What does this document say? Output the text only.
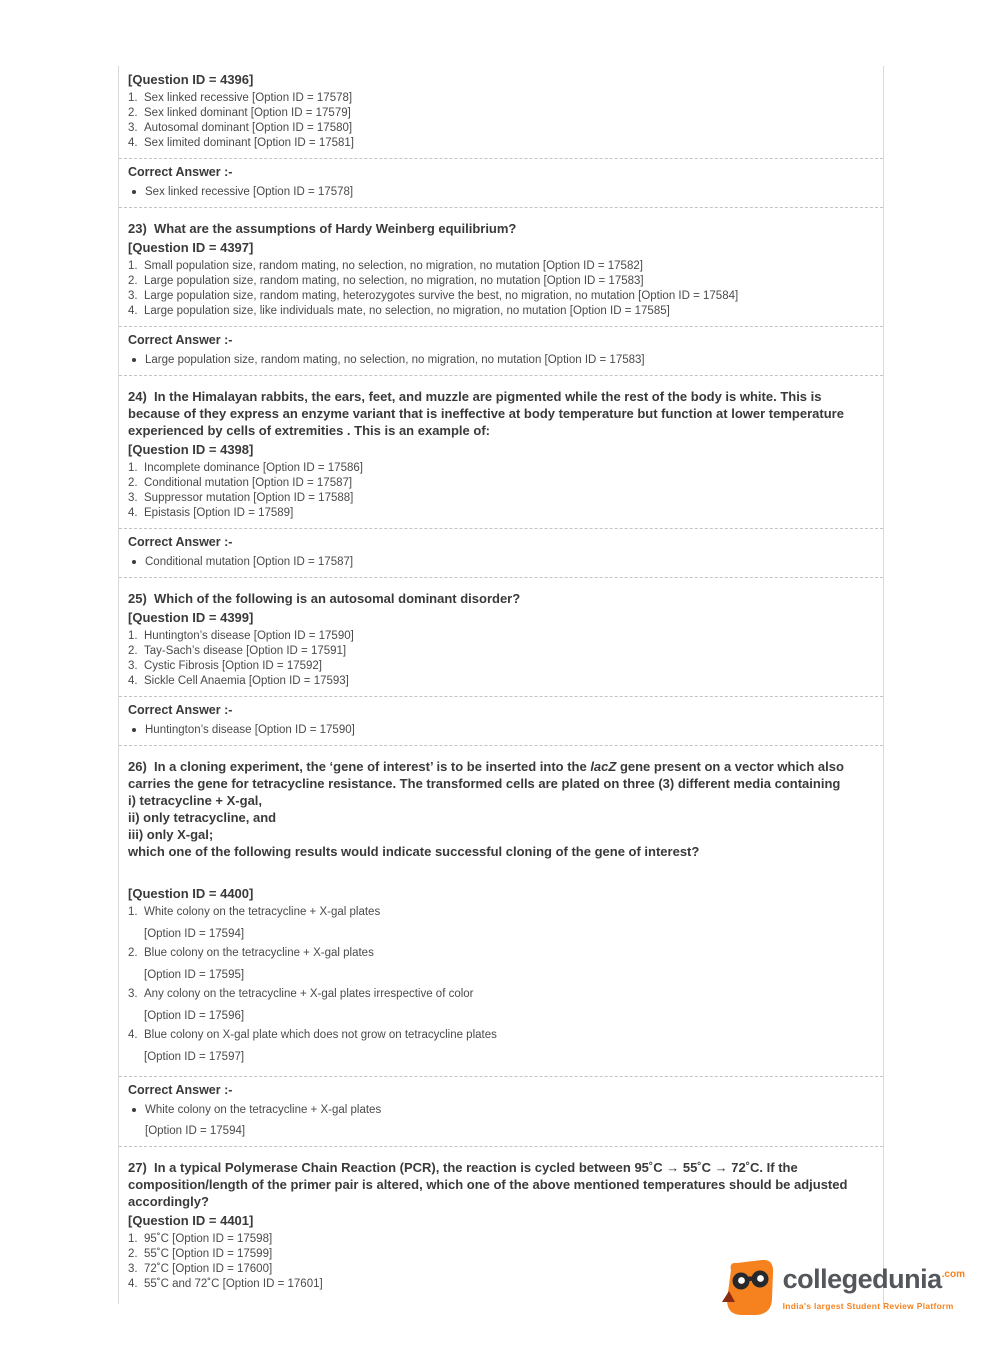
[Question ID = 4396]
1. Sex linked recessive [Option ID = 17578]
2. Sex linked dominant [Option ID = 17579]
3. Autosomal dominant [Option ID = 17580]
4. Sex limited dominant [Option ID = 17581]
Correct Answer :-
Sex linked recessive [Option ID = 17578]
23)  What are the assumptions of Hardy Weinberg equilibrium?
[Question ID = 4397]
1. Small population size, random mating, no selection, no migration, no mutation [Option ID = 17582]
2. Large population size, random mating, no selection, no migration, no mutation [Option ID = 17583]
3. Large population size, random mating, heterozygotes survive the best, no migration, no mutation [Option ID = 17584]
4. Large population size, like individuals mate, no selection, no migration, no mutation [Option ID = 17585]
Correct Answer :-
Large population size, random mating, no selection, no migration, no mutation [Option ID = 17583]
24)  In the Himalayan rabbits, the ears, feet, and muzzle are pigmented while the rest of the body is white. This is because of they express an enzyme variant that is ineffective at body temperature but function at lower temperature experienced by cells of extremities . This is an example of:
[Question ID = 4398]
1. Incomplete dominance [Option ID = 17586]
2. Conditional mutation [Option ID = 17587]
3. Suppressor mutation [Option ID = 17588]
4. Epistasis [Option ID = 17589]
Correct Answer :-
Conditional mutation [Option ID = 17587]
25)  Which of the following is an autosomal dominant disorder?
[Question ID = 4399]
1. Huntington’s disease [Option ID = 17590]
2. Tay-Sach’s disease [Option ID = 17591]
3. Cystic Fibrosis [Option ID = 17592]
4. Sickle Cell Anaemia [Option ID = 17593]
Correct Answer :-
Huntington’s disease [Option ID = 17590]
26)  In a cloning experiment, the ‘gene of interest’ is to be inserted into the lacZ gene present on a vector which also carries the gene for tetracycline resistance. The transformed cells are plated on three (3) different media containing
i) tetracycline + X-gal,
ii) only tetracycline, and
iii) only X-gal;
which one of the following results would indicate successful cloning of the gene of interest?
[Question ID = 4400]
1. White colony on the tetracycline + X-gal plates
[Option ID = 17594]
2. Blue colony on the tetracycline + X-gal plates
[Option ID = 17595]
3. Any colony on the tetracycline + X-gal plates irrespective of color
[Option ID = 17596]
4. Blue colony on X-gal plate which does not grow on tetracycline plates
[Option ID = 17597]
Correct Answer :-
White colony on the tetracycline + X-gal plates
[Option ID = 17594]
27)  In a typical Polymerase Chain Reaction (PCR), the reaction is cycled between 95˚C → 55˚C → 72˚C. If the composition/length of the primer pair is altered, which one of the above mentioned temperatures should be adjusted accordingly?
[Question ID = 4401]
1. 95˚C [Option ID = 17598]
2. 55˚C [Option ID = 17599]
3. 72˚C [Option ID = 17600]
4. 55˚C and 72˚C [Option ID = 17601]	collegedunia$^{.com}$
India's largest Student Review Platform
